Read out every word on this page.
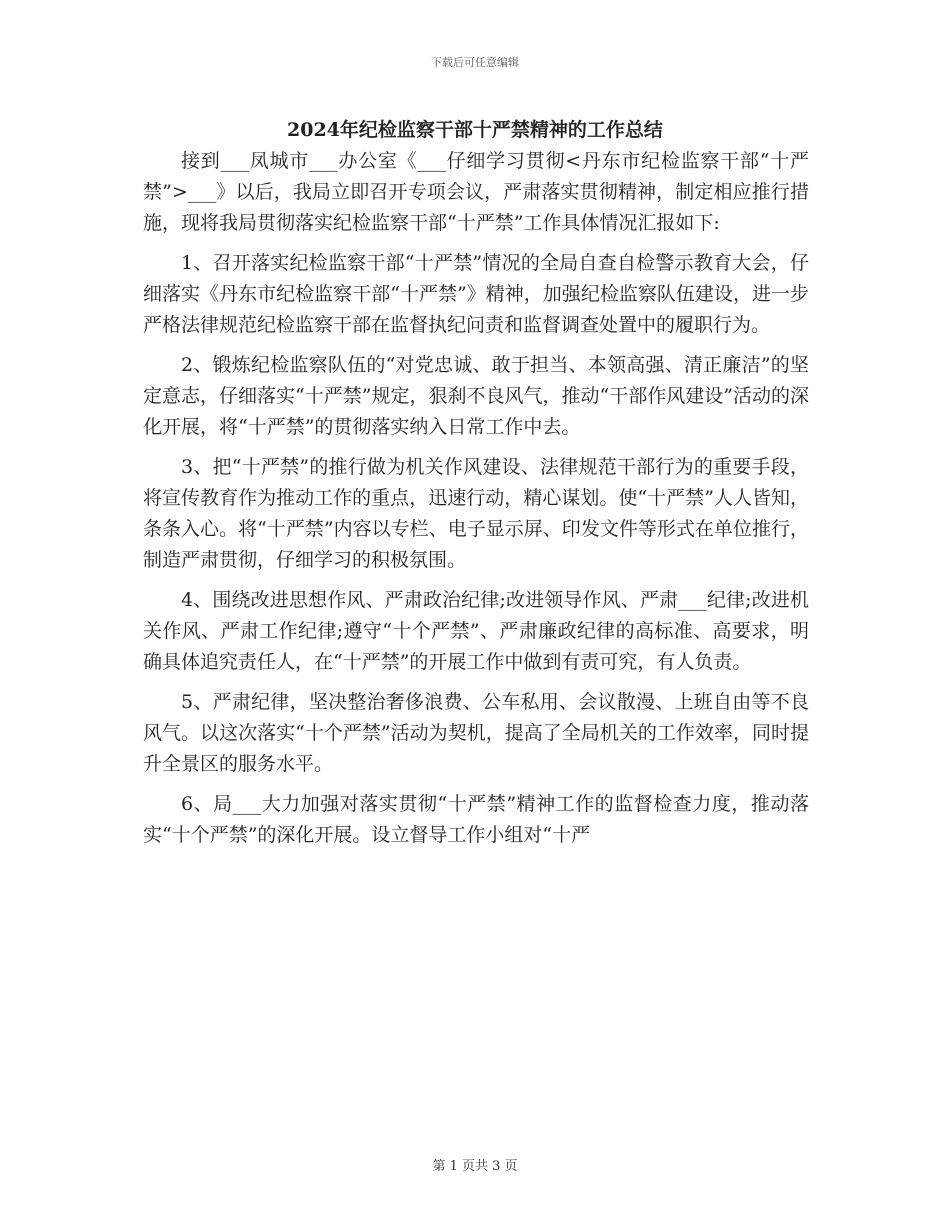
下载后可任意编辑
2024年纪检监察干部十严禁精神的工作总结

接到___凤城市___办公室《___仔细学习贯彻<丹东市纪检监察干部“十严禁”>___》以后，我局立即召开专项会议，严肃落实贯彻精神，制定相应推行措施，现将我局贯彻落实纪检监察干部“十严禁”工作具体情况汇报如下:

1、召开落实纪检监察干部“十严禁”情况的全局自查自检警示教育大会，仔细落实《丹东市纪检监察干部“十严禁”》精神，加强纪检监察队伍建设，进一步严格法律规范纪检监察干部在监督执纪问责和监督调查处置中的履职行为。

2、锻炼纪检监察队伍的“对党忠诚、敢于担当、本领高强、清正廉洁”的坚定意志，仔细落实“十严禁”规定，狠刹不良风气，推动“干部作风建设”活动的深化开展，将“十严禁”的贯彻落实纳入日常工作中去。

3、把“十严禁”的推行做为机关作风建设、法律规范干部行为的重要手段，将宣传教育作为推动工作的重点，迅速行动，精心谋划。使“十严禁”人人皆知，条条入心。将“十严禁”内容以专栏、电子显示屏、印发文件等形式在单位推行，制造严肃贯彻，仔细学习的积极氛围。

4、围绕改进思想作风、严肃政治纪律;改进领导作风、严肃___纪律;改进机关作风、严肃工作纪律;遵守“十个严禁”、严肃廉政纪律的高标准、高要求，明确具体追究责任人，在“十严禁”的开展工作中做到有责可究，有人负责。

5、严肃纪律，坚决整治奢侈浪费、公车私用、会议散漫、上班自由等不良风气。以这次落实“十个严禁”活动为契机，提高了全局机关的工作效率，同时提升全景区的服务水平。

6、局___大力加强对落实贯彻“十严禁”精神工作的监督检查力度，推动落实“十个严禁”的深化开展。设立督导工作小组对“十严

第 1 页共 3 页
